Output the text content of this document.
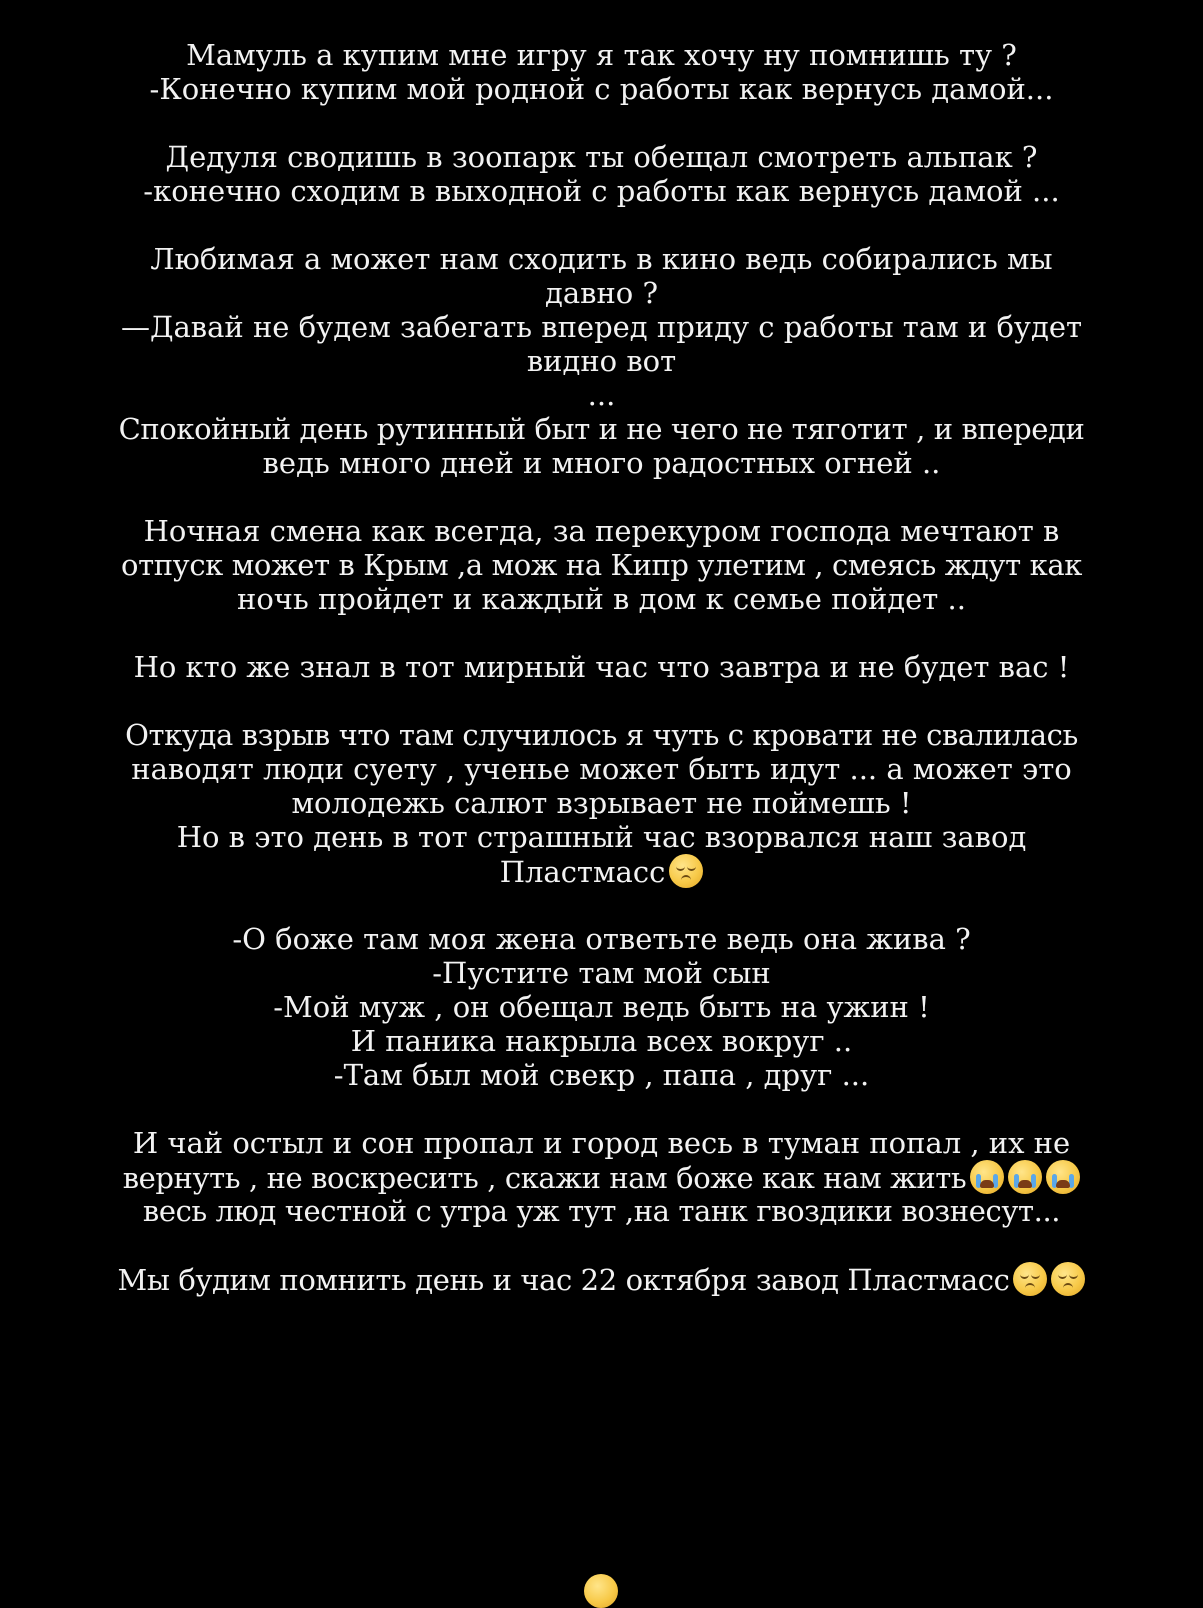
Мамуль а купим мне игру я так хочу ну помнишь ту ?
-Конечно купим мой родной с работы как вернусь дамой...
Дедуля сводишь в зоопарк ты обещал смотреть альпак ?
-конечно сходим в выходной с работы как вернусь дамой ...
Любимая а может нам сходить в кино ведь собирались мы
давно ?
—Давай не будем забегать вперед приду с работы там и будет
видно вот
...
Спокойный день рутинный быт и не чего не тяготит , и впереди
ведь много дней и много радостных огней ..
Ночная смена как всегда, за перекуром господа мечтают в
отпуск может в Крым ,а мож на Кипр улетим , смеясь ждут как
ночь пройдет и каждый в дом к семье пойдет ..
Но кто же знал в тот мирный час что завтра и не будет вас !
Откуда взрыв что там случилось я чуть с кровати не свалилась
наводят люди суету , ученье может быть идут ... а может это
молодежь салют взрывает не поймешь !
Но в это день в тот страшный час взорвался наш завод
Пластмасс
-О боже там моя жена ответьте ведь она жива ?
-Пустите там мой сын
-Мой муж , он обещал ведь быть на ужин !
И паника накрыла всех вокруг ..
-Там был мой свекр , папа , друг ...
И чай остыл и сон пропал и город весь в туман попал , их не
вернуть , не воскресить , скажи нам боже как нам жить
весь люд честной с утра уж тут ,на танк гвоздики вознесут...
Мы будим помнить день и час 22 октября завод Пластмасс
